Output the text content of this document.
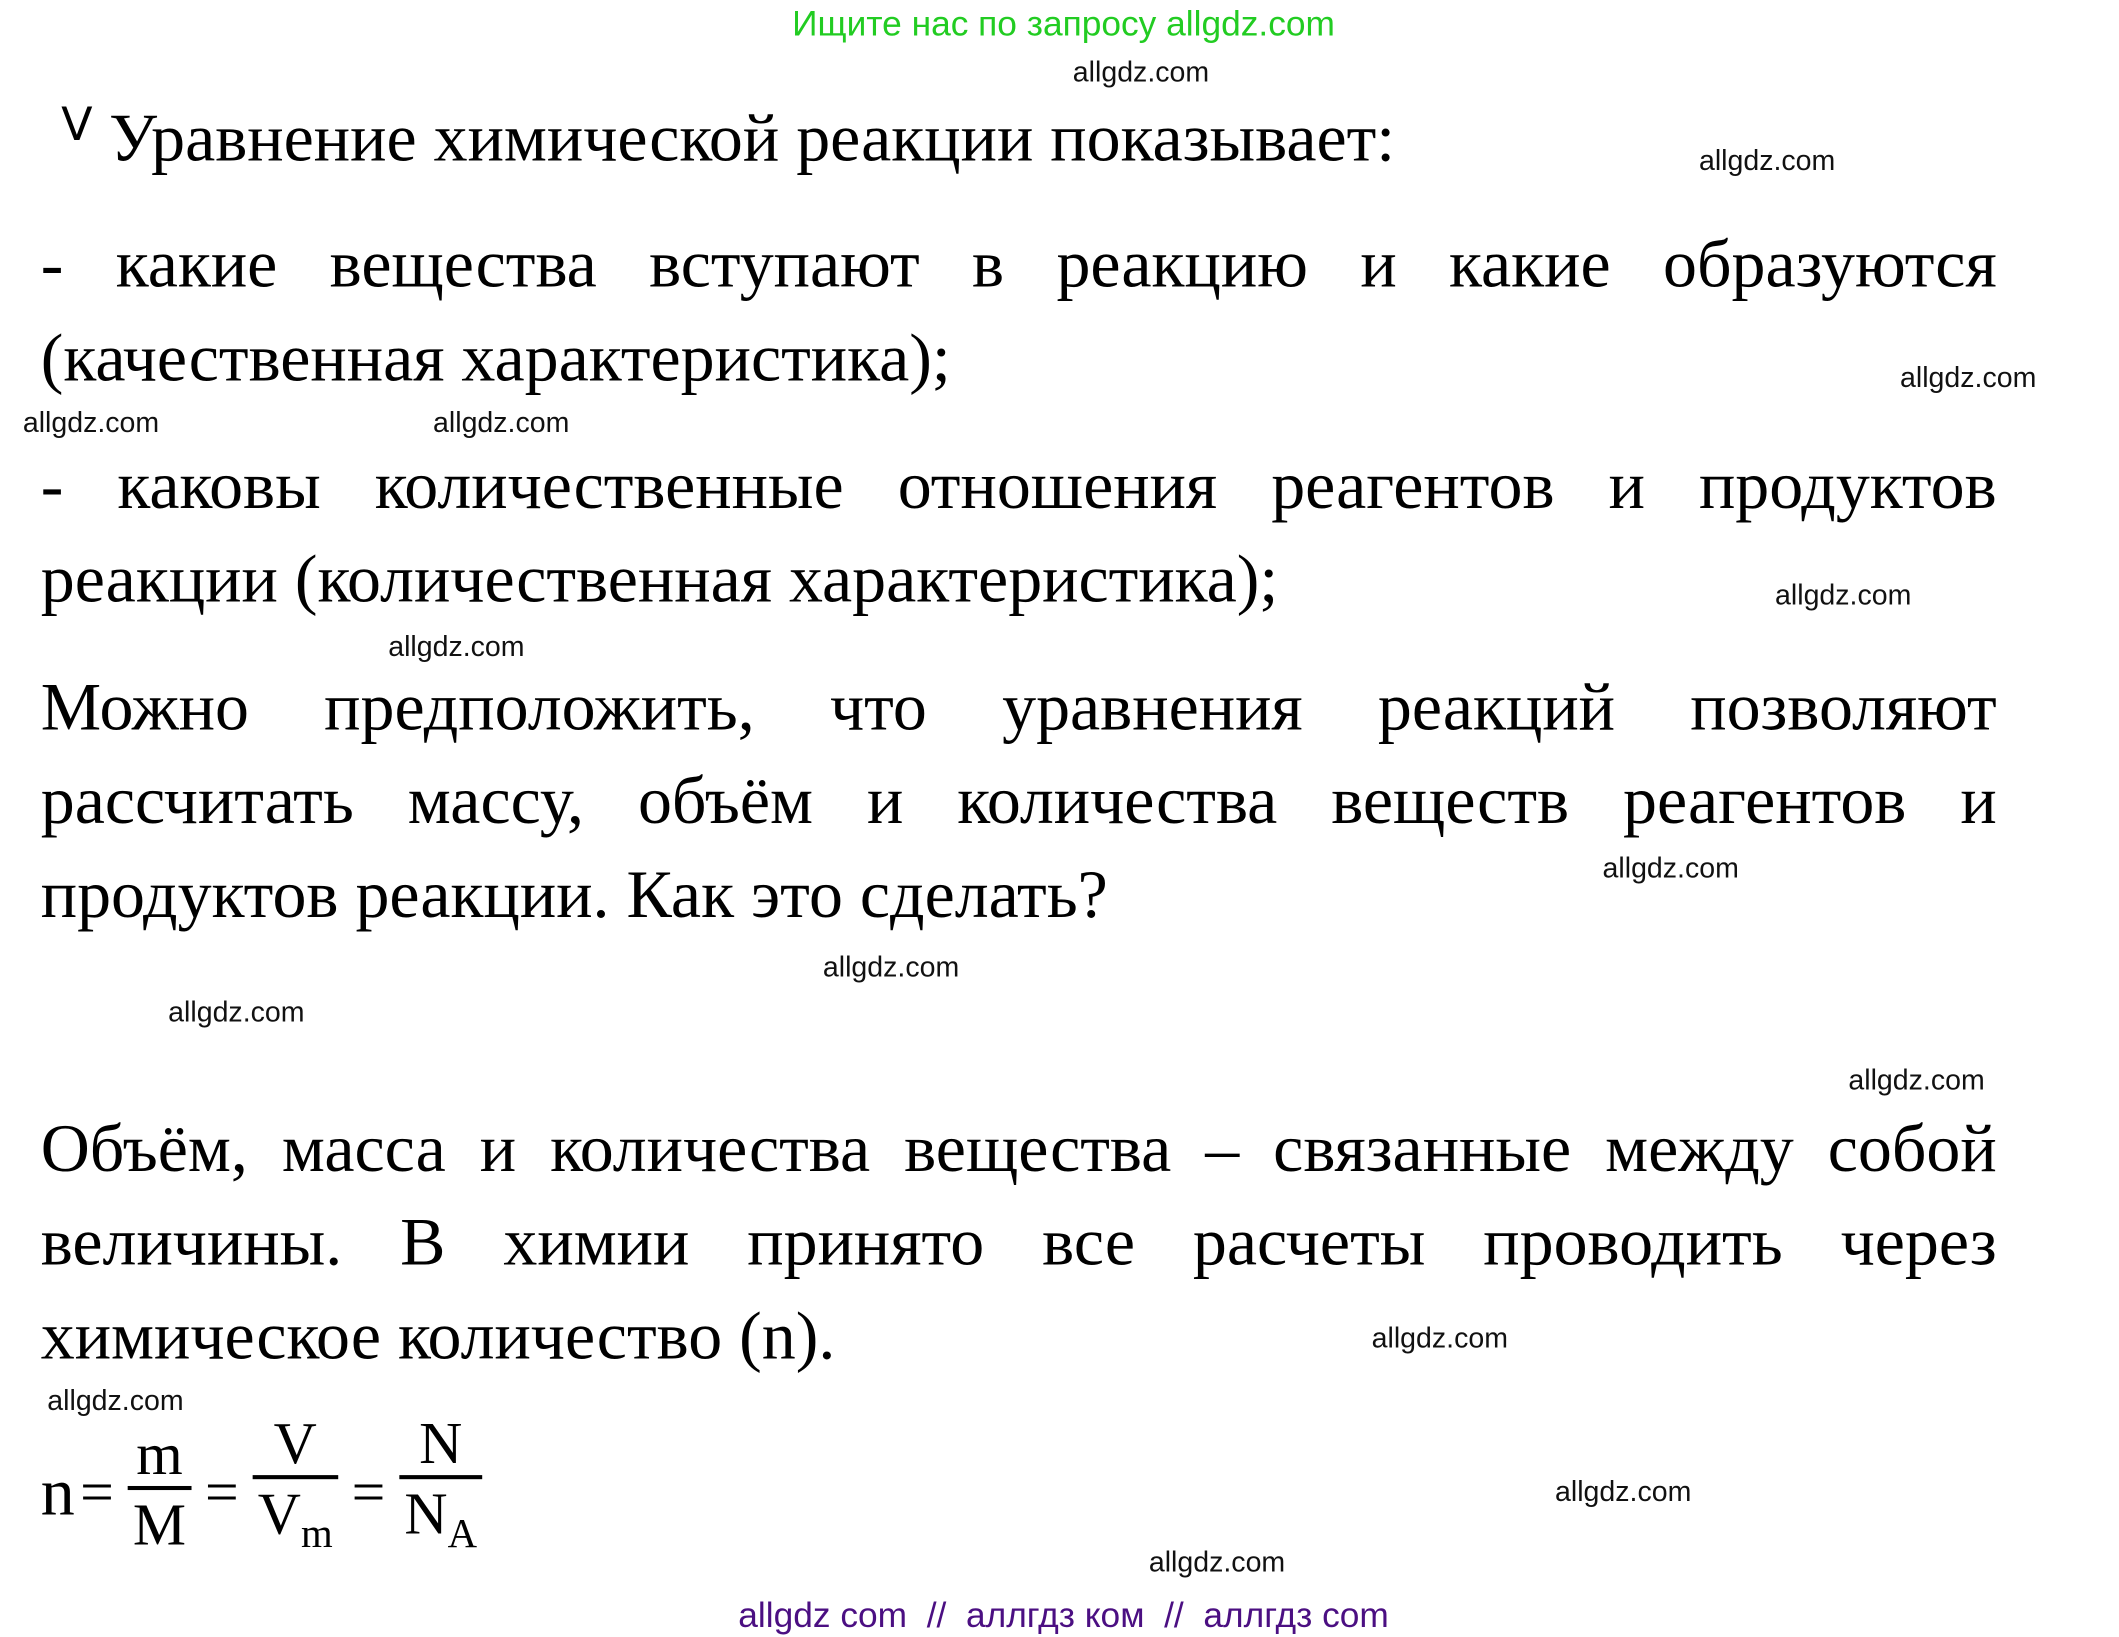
Ищите нас по запросу allgdz.com
allgdz.com
allgdz.com
allgdz.com
allgdz.com
allgdz.com
allgdz.com
allgdz.com
allgdz.com
allgdz.com
allgdz.com
allgdz.com
allgdz.com
allgdz.com
allgdz.com
allgdz.com
$^ᐯ$ Уравнение химической реакции показывает:
- какие вещества вступают в реакцию и какие образуются (качественная характеристика);
- каковы количественные отношения реагентов и продуктов реакции (количественная характеристика);
Можно предположить, что уравнения реакций позволяют рассчитать массу, объём и количества веществ реагентов и продуктов реакции. Как это сделать?
Объём, масса и количества вещества – связанные между собой величины. В химии принято все расчеты проводить через химическое количество (n).
$n = \frac{m}{M} = \frac{V}{V_m} = \frac{N}{N_A}$
allgdz com  //  аллгдз ком  //  аллгдз com
